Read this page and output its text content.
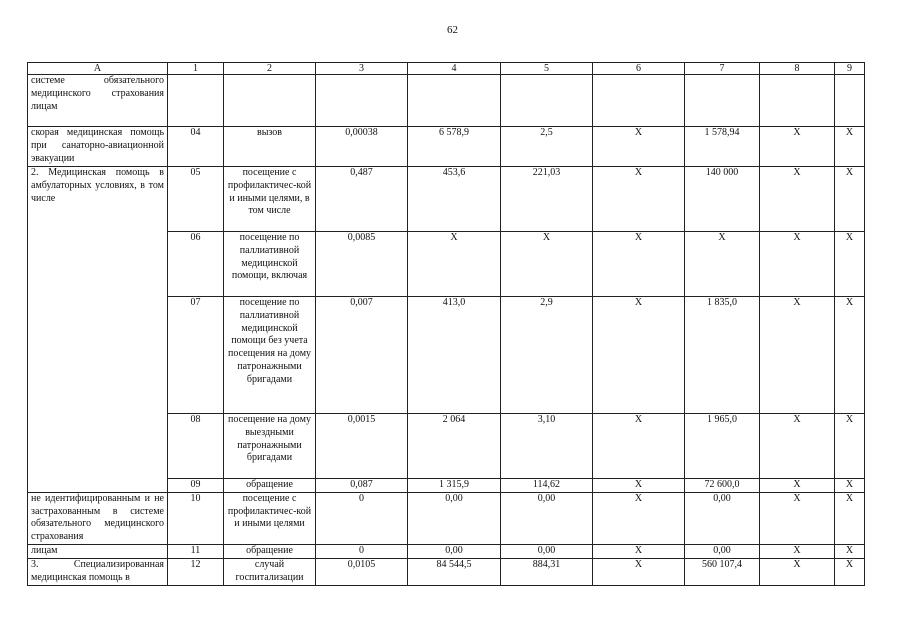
62
А	1	2	3	4	5	6	7	8	9
системе обязательного медицинского страхования лицам									
скорая медицинская помощь при санаторно-авиационной эвакуации	04	вызов	0,00038	6 578,9	2,5	X	1 578,94	X	X
2. Медицинская помощь в амбулаторных условиях, в том числе	05	посещение с профилактичес-кой и иными целями, в том числе	0,487	453,6	221,03	X	140 000	X	X
	06	посещение по паллиативной медицинской помощи, включая	0,0085	X	X	X	X	X	X
	07	посещение по паллиативной медицинской помощи без учета посещения на дому патронажными бригадами	0,007	413,0	2,9	X	1 835,0	X	X
	08	посещение на дому выездными патронажными бригадами	0,0015	2 064	3,10	X	1 965,0	X	X
	09	обращение	0,087	1 315,9	114,62	X	72 600,0	X	X
не идентифицированным и не застрахованным в системе обязательного медицинского страхования	10	посещение с профилактичес-кой и иными целями	0	0,00	0,00	X	0,00	X	X
лицам	11	обращение	0	0,00	0,00	X	0,00	X	X
3. Специализированная медицинская помощь в	12	случай госпитализации	0,0105	84 544,5	884,31	X	560 107,4	X	X
